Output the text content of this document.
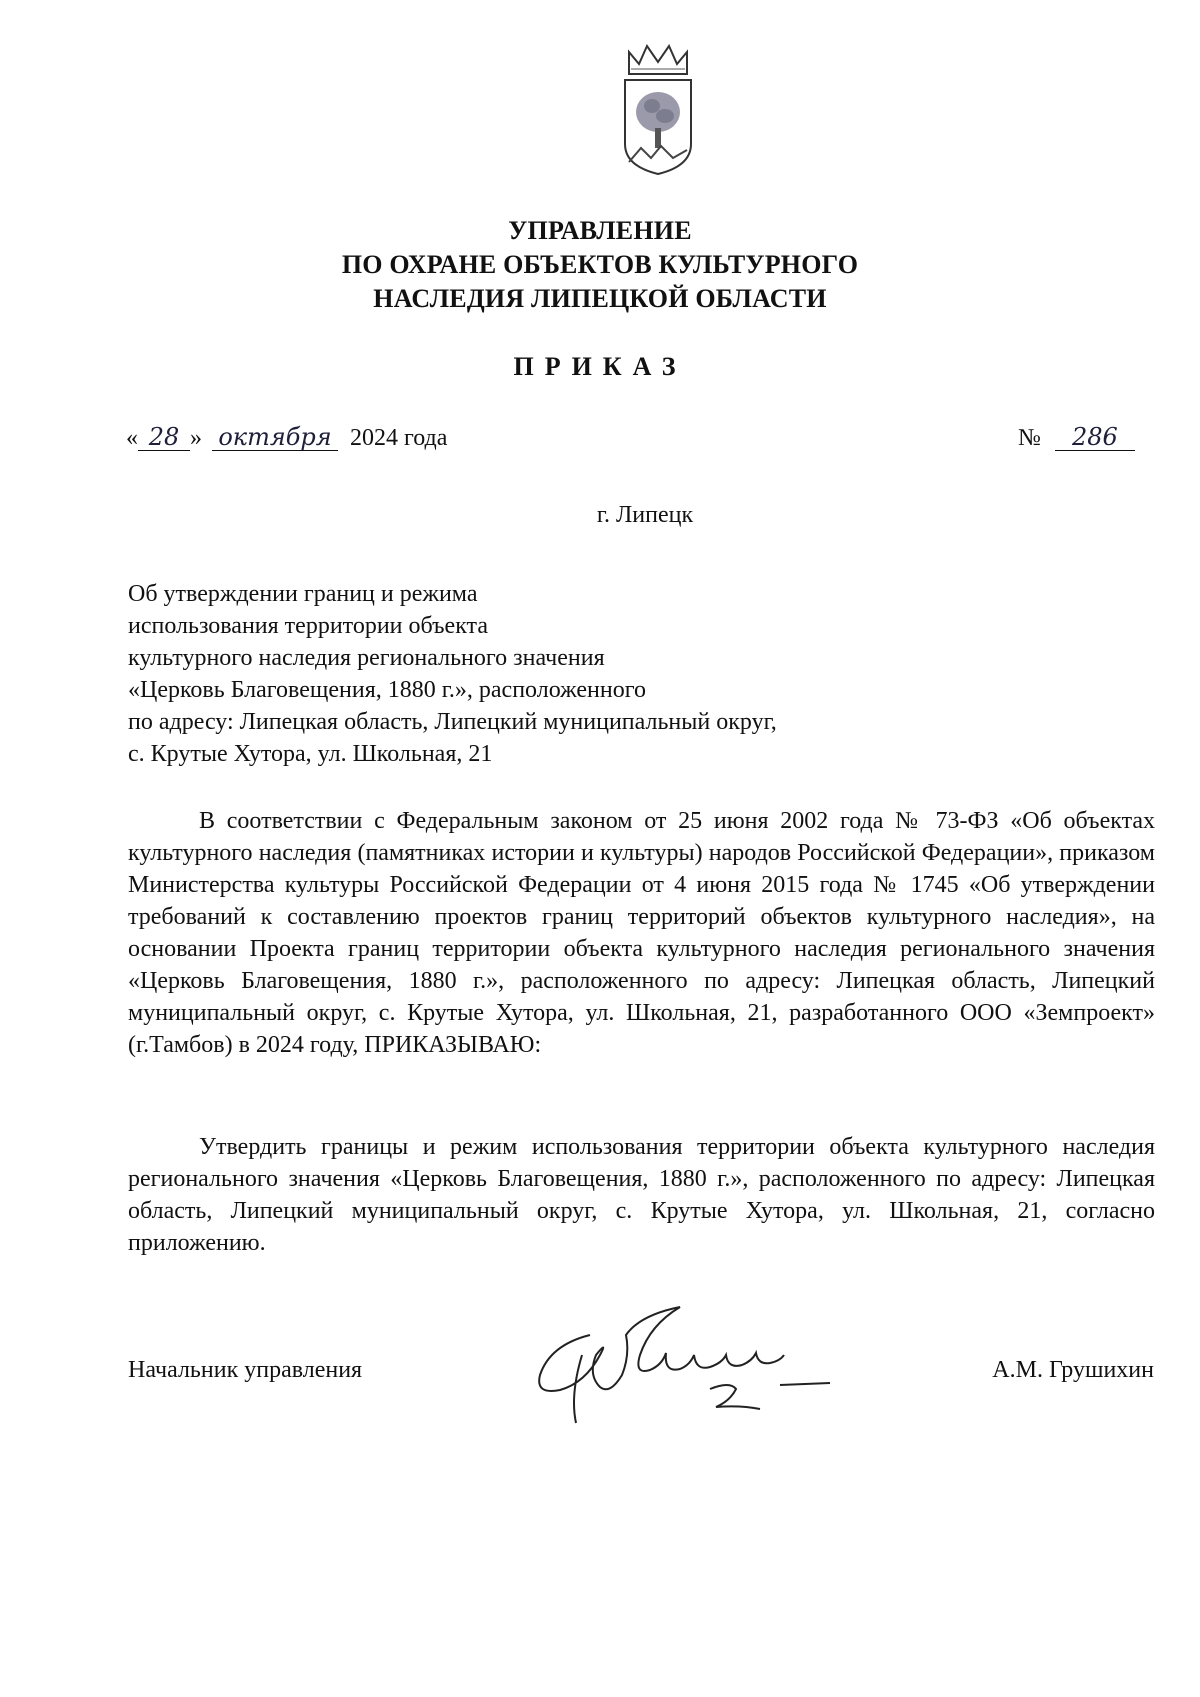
УПРАВЛЕНИЕ
ПО ОХРАНЕ ОБЪЕКТОВ КУЛЬТУРНОГО
НАСЛЕДИЯ ЛИПЕЦКОЙ ОБЛАСТИ
ПРИКАЗ
« 28 » октября 2024 года	№ 286
г. Липецк
Об утверждении границ и режима
использования территории объекта
культурного наследия регионального значения
«Церковь Благовещения, 1880 г.», расположенного
по адресу: Липецкая область, Липецкий муниципальный округ,
с. Крутые Хутора, ул. Школьная, 21

В соответствии с Федеральным законом от 25 июня 2002 года № 73-ФЗ «Об объектах культурного наследия (памятниках истории и культуры) народов Российской Федерации», приказом Министерства культуры Российской Федерации от 4 июня 2015 года № 1745 «Об утверждении требований к составлению проектов границ территорий объектов культурного наследия», на основании Проекта границ территории объекта культурного наследия регионального значения «Церковь Благовещения, 1880 г.», расположенного по адресу: Липецкая область, Липецкий муниципальный округ, с. Крутые Хутора, ул. Школьная, 21, разработанного ООО «Земпроект» (г.Тамбов) в 2024 году, ПРИКАЗЫВАЮ:

Утвердить границы и режим использования территории объекта культурного наследия регионального значения «Церковь Благовещения, 1880 г.», расположенного по адресу: Липецкая область, Липецкий муниципальный округ, с. Крутые Хутора, ул. Школьная, 21, согласно приложению.

Начальник управления	А.М. Грушихин
